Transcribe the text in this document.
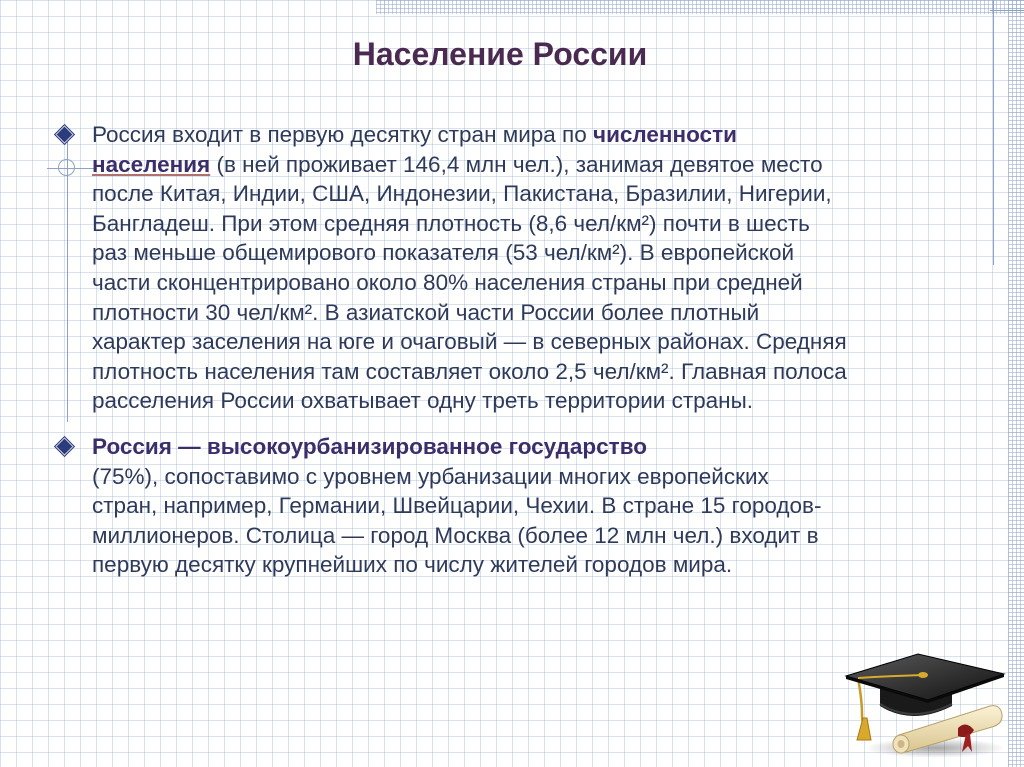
Население России
Россия входит в первую десятку стран мира по численности
населения (в ней проживает 146,4 млн чел.), занимая девятое место
после Китая, Индии, США, Индонезии, Пакистана, Бразилии, Нигерии,
Бангладеш. При этом средняя плотность (8,6 чел/км²) почти в шесть
раз меньше общемирового показателя (53 чел/км²). В европейской
части сконцентрировано около 80% населения страны при средней
плотности 30 чел/км². В азиатской части России более плотный
характер заселения на юге и очаговый — в северных районах. Средняя
плотность населения там составляет около 2,5 чел/км². Главная полоса
расселения России охватывает одну треть территории страны.
Россия — высокоурбанизированное государство
(75%), сопоставимо с уровнем урбанизации многих европейских
стран, например, Германии, Швейцарии, Чехии. В стране 15 городов-
миллионеров. Столица — город Москва (более 12 млн чел.) входит в
первую десятку крупнейших по числу жителей городов мира.
